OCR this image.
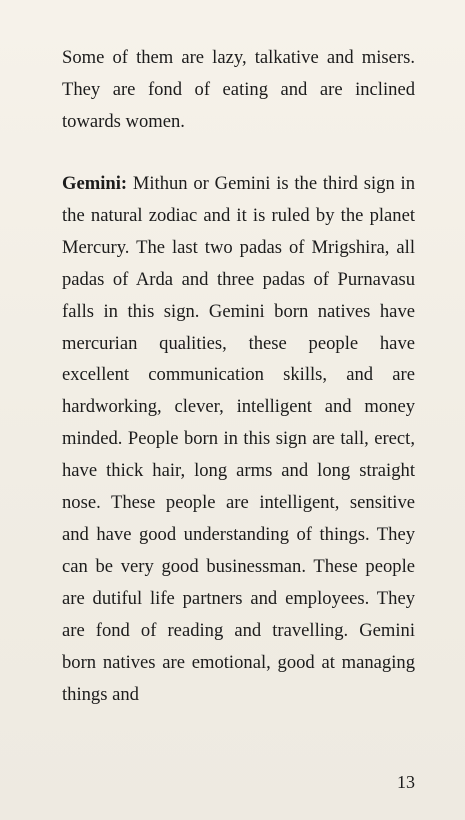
Some of them are lazy, talkative and misers. They are fond of eating and are inclined towards women.

Gemini: Mithun or Gemini is the third sign in the natural zodiac and it is ruled by the planet Mercury. The last two padas of Mrigshira, all padas of Arda and three padas of Purnavasu falls in this sign. Gemini born natives have mercurian qualities, these people have excellent communication skills, and are hardworking, clever, intelligent and money minded. People born in this sign are tall, erect, have thick hair, long arms and long straight nose. These people are intelligent, sensitive and have good understanding of things. They can be very good businessman. These people are dutiful life partners and employees. They are fond of reading and travelling. Gemini born natives are emotional, good at managing things and

13
